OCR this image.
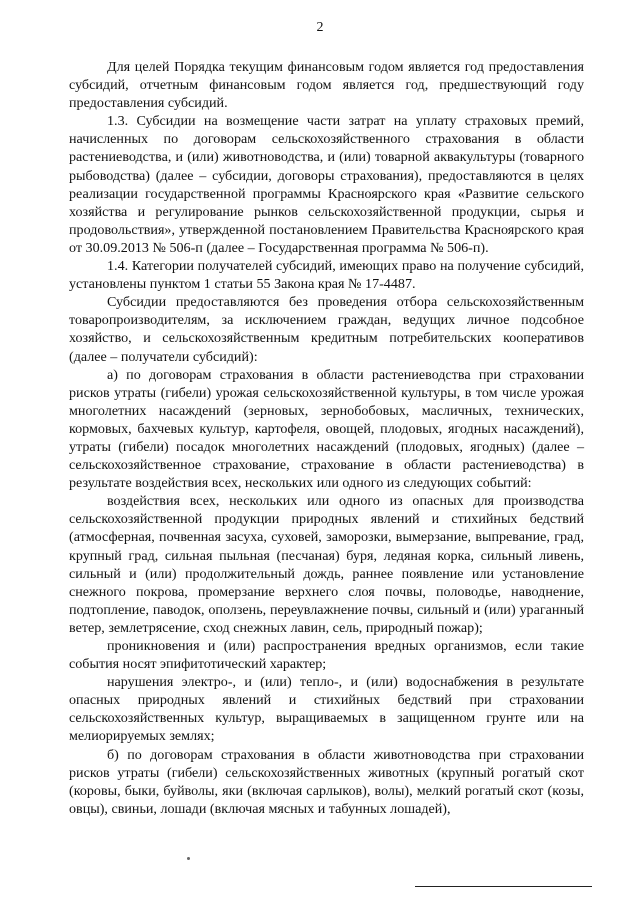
2

Для целей Порядка текущим финансовым годом является год предоставления субсидий, отчетным финансовым годом является год, предшествующий году предоставления субсидий.

1.3. Субсидии на возмещение части затрат на уплату страховых премий, начисленных по договорам сельскохозяйственного страхования в области растениеводства, и (или) животноводства, и (или) товарной аквакультуры (товарного рыбоводства) (далее – субсидии, договоры страхования), предоставляются в целях реализации государственной программы Красноярского края «Развитие сельского хозяйства и регулирование рынков сельскохозяйственной продукции, сырья и продовольствия», утвержденной постановлением Правительства Красноярского края от 30.09.2013 № 506-п (далее – Государственная программа № 506-п).

1.4. Категории получателей субсидий, имеющих право на получение субсидий, установлены пунктом 1 статьи 55 Закона края № 17-4487.

Субсидии предоставляются без проведения отбора сельскохозяйственным товаропроизводителям, за исключением граждан, ведущих личное подсобное хозяйство, и сельскохозяйственным кредитным потребительских кооперативов (далее – получатели субсидий):

а) по договорам страхования в области растениеводства при страховании рисков утраты (гибели) урожая сельскохозяйственной культуры, в том числе урожая многолетних насаждений (зерновых, зернобобовых, масличных, технических, кормовых, бахчевых культур, картофеля, овощей, плодовых, ягодных насаждений), утраты (гибели) посадок многолетних насаждений (плодовых, ягодных) (далее – сельскохозяйственное страхование, страхование в области растениеводства) в результате воздействия всех, нескольких или одного из следующих событий:

воздействия всех, нескольких или одного из опасных для производства сельскохозяйственной продукции природных явлений и стихийных бедствий (атмосферная, почвенная засуха, суховей, заморозки, вымерзание, выпревание, град, крупный град, сильная пыльная (песчаная) буря, ледяная корка, сильный ливень, сильный и (или) продолжительный дождь, раннее появление или установление снежного покрова, промерзание верхнего слоя почвы, половодье, наводнение, подтопление, паводок, оползень, переувлажнение почвы, сильный и (или) ураганный ветер, землетрясение, сход снежных лавин, сель, природный пожар);

проникновения и (или) распространения вредных организмов, если такие события носят эпифитотический характер;

нарушения электро-, и (или) тепло-, и (или) водоснабжения в результате опасных природных явлений и стихийных бедствий при страховании сельскохозяйственных культур, выращиваемых в защищенном грунте или на мелиорируемых землях;

б) по договорам страхования в области животноводства при страховании рисков утраты (гибели) сельскохозяйственных животных (крупный рогатый скот (коровы, быки, буйволы, яки (включая сарлыков), волы), мелкий рогатый скот (козы, овцы), свиньи, лошади (включая мясных и табунных лошадей),
